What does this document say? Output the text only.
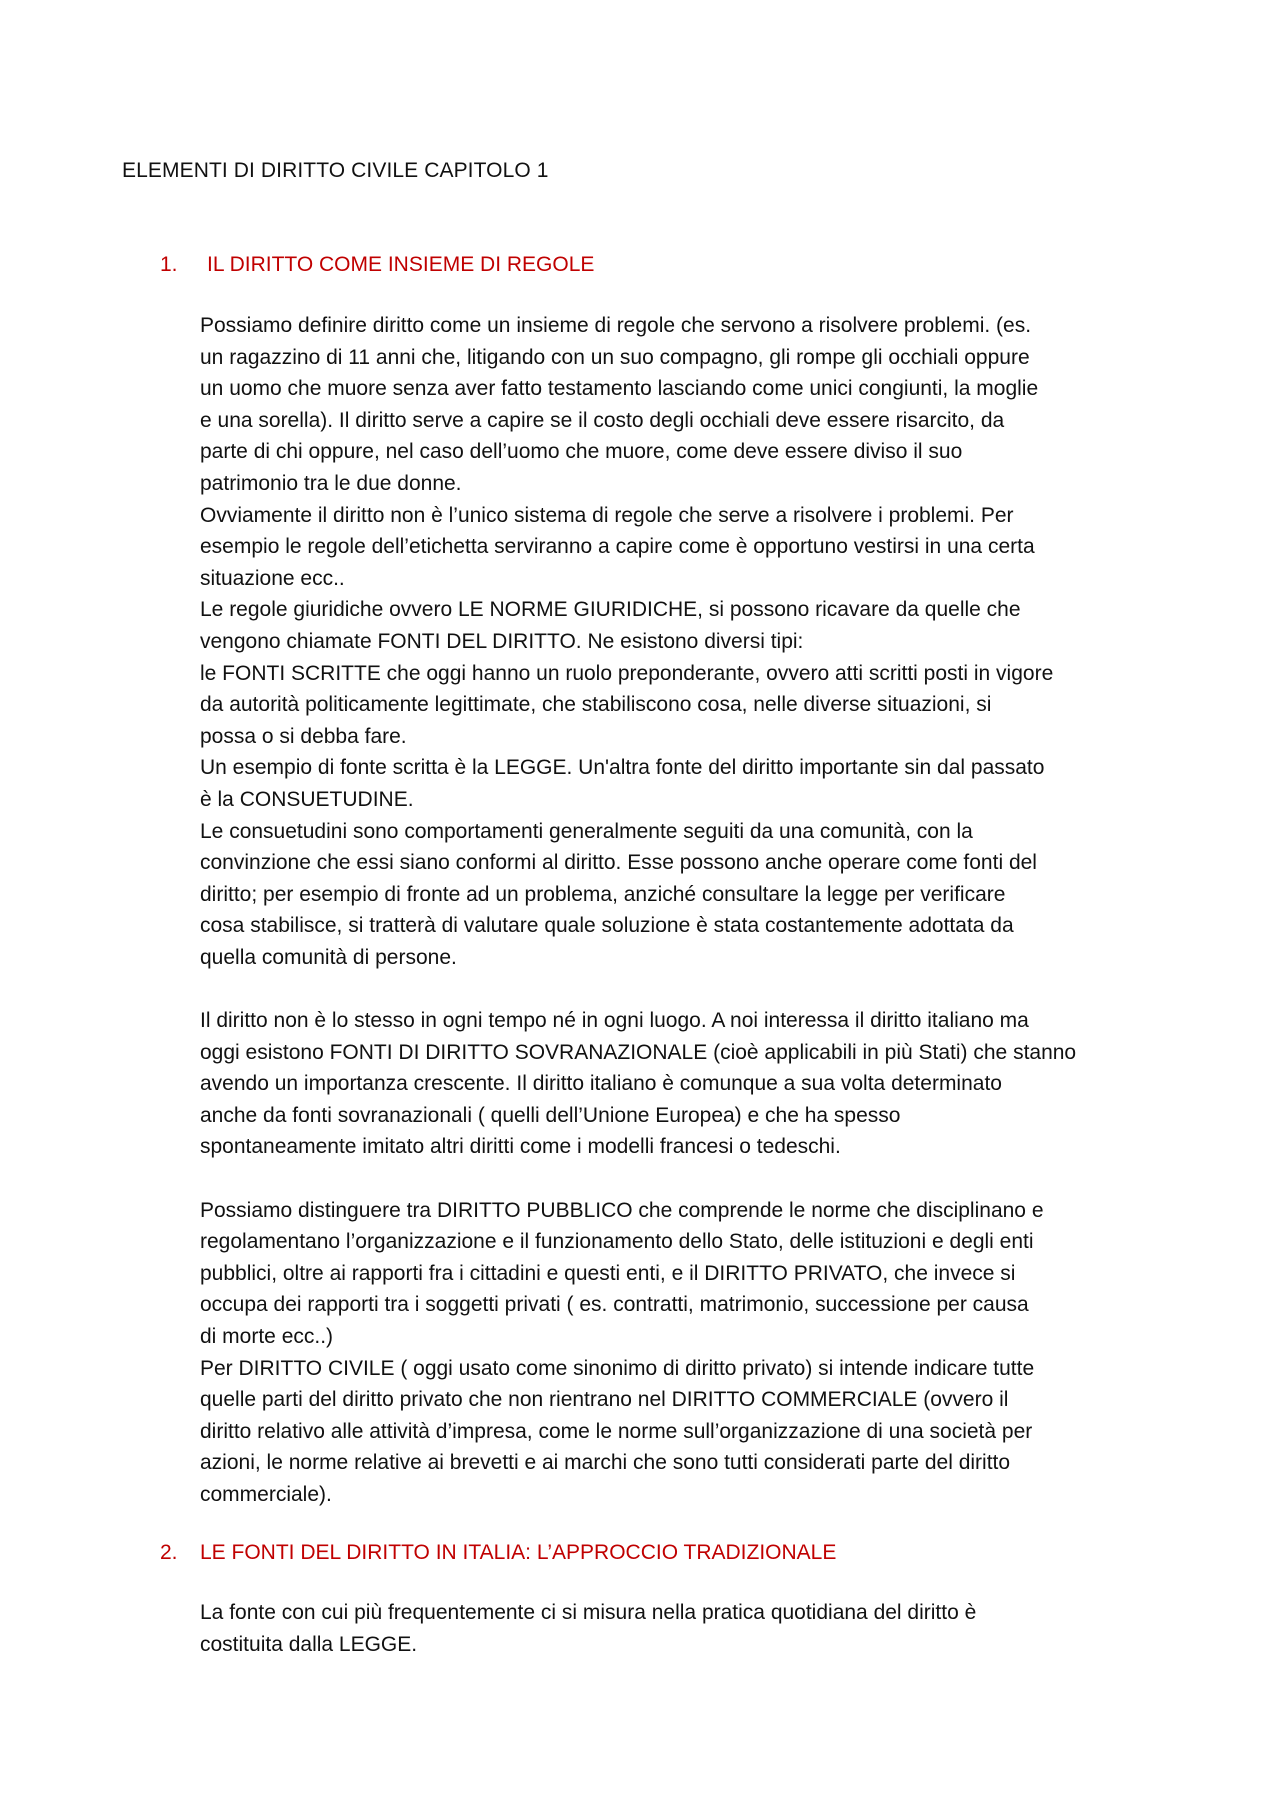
ELEMENTI DI DIRITTO CIVILE CAPITOLO 1
1. IL DIRITTO COME INSIEME DI REGOLE
Possiamo definire diritto come un insieme di regole che servono a risolvere problemi. (es.
un ragazzino di 11 anni che, litigando con un suo compagno, gli rompe gli occhiali oppure
un uomo che muore senza aver fatto testamento lasciando come unici congiunti, la moglie
e una sorella). Il diritto serve a capire se il costo degli occhiali deve essere risarcito, da
parte di chi oppure, nel caso dell’uomo che muore, come deve essere diviso il suo
patrimonio tra le due donne.
Ovviamente il diritto non è l’unico sistema di regole che serve a risolvere i problemi. Per
esempio le regole dell’etichetta serviranno a capire come è opportuno vestirsi in una certa
situazione ecc..
Le regole giuridiche ovvero LE NORME GIURIDICHE, si possono ricavare da quelle che
vengono chiamate FONTI DEL DIRITTO. Ne esistono diversi tipi:
le FONTI SCRITTE che oggi hanno un ruolo preponderante, ovvero atti scritti posti in vigore
da autorità politicamente legittimate, che stabiliscono cosa, nelle diverse situazioni, si
possa o si debba fare.
Un esempio di fonte scritta è la LEGGE. Un'altra fonte del diritto importante sin dal passato
è la CONSUETUDINE.
Le consuetudini sono comportamenti generalmente seguiti da una comunità, con la
convinzione che essi siano conformi al diritto. Esse possono anche operare come fonti del
diritto; per esempio di fronte ad un problema, anziché consultare la legge per verificare
cosa stabilisce, si tratterà di valutare quale soluzione è stata costantemente adottata da
quella comunità di persone.
Il diritto non è lo stesso in ogni tempo né in ogni luogo. A noi interessa il diritto italiano ma
oggi esistono FONTI DI DIRITTO SOVRANAZIONALE (cioè applicabili in più Stati) che stanno
avendo un importanza crescente. Il diritto italiano è comunque a sua volta determinato
anche da fonti sovranazionali ( quelli dell’Unione Europea) e che ha spesso
spontaneamente imitato altri diritti come i modelli francesi o tedeschi.
Possiamo distinguere tra DIRITTO PUBBLICO che comprende le norme che disciplinano e
regolamentano l’organizzazione e il funzionamento dello Stato, delle istituzioni e degli enti
pubblici, oltre ai rapporti fra i cittadini e questi enti, e il DIRITTO PRIVATO, che invece si
occupa dei rapporti tra i soggetti privati ( es. contratti, matrimonio, successione per causa
di morte ecc..)
Per DIRITTO CIVILE ( oggi usato come sinonimo di diritto privato) si intende indicare tutte
quelle parti del diritto privato che non rientrano nel DIRITTO COMMERCIALE (ovvero il
diritto relativo alle attività d’impresa, come le norme sull’organizzazione di una società per
azioni, le norme relative ai brevetti e ai marchi che sono tutti considerati parte del diritto
commerciale).
2. LE FONTI DEL DIRITTO IN ITALIA: L’APPROCCIO TRADIZIONALE
La fonte con cui più frequentemente ci si misura nella pratica quotidiana del diritto è
costituita dalla LEGGE.
